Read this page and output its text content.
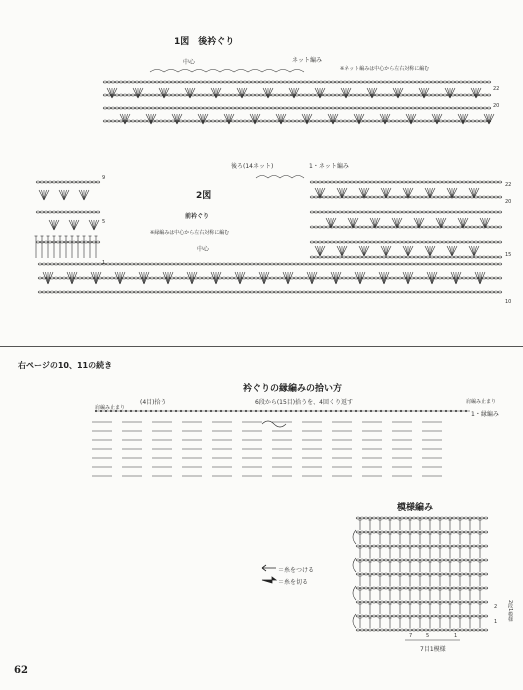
1図　後衿ぐり
中心	ネット編み
※ネット編みは中心から左右対称に編む
22
20
後ろ(14ネット)	1・ネット編み
2図
前衿ぐり
※縁編みは中心から左右対称に編む
中心
9
5
1
22
20
15
10
右ページの10、11の続き
衿ぐりの縁編みの拾い方
(4目)拾う	6段から(15目)拾うを、4回くり返す
肩編み止まり
肩編み止まり
1・縁編み
模様編み
2
1
2段1模様
7	5	1
7目1模様
＝糸をつける
＝糸を切る
62
